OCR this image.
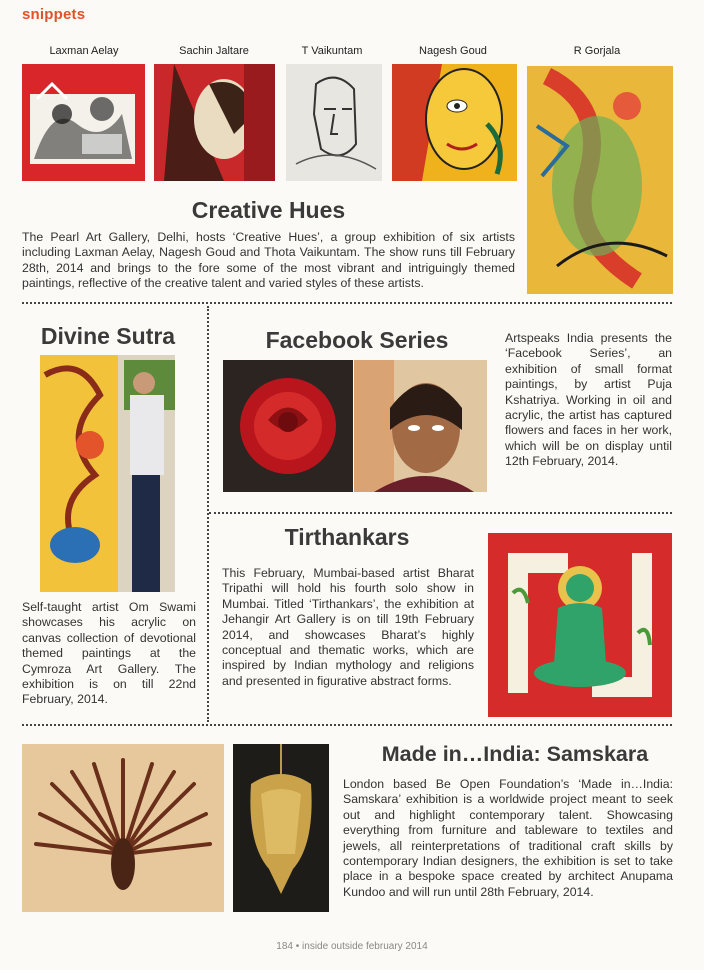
snippets
Laxman Aelay	Sachin Jaltare	T Vaikuntam	Nagesh Goud	R Gorjala
Creative Hues
The Pearl Art Gallery, Delhi, hosts ‘Creative Hues’, a group exhibition of six artists including Laxman Aelay, Nagesh Goud and Thota Vaikuntam. The show runs till February 28th, 2014 and brings to the fore some of the most vibrant and intriguingly themed paintings, reflective of the creative talent and varied styles of these artists.
Divine Sutra
Self-taught artist Om Swami showcases his acrylic on canvas collection of devotional themed paintings at the Cymroza Art Gallery. The exhibition is on till 22nd February, 2014.
Facebook Series	Artspeaks India presents the ‘Facebook Series’, an exhibition of small format paintings, by artist Puja Kshatriya. Working in oil and acrylic, the artist has captured flowers and faces in her work, which will be on display until 12th February, 2014.
Tirthankars
This February, Mumbai-based artist Bharat Tripathi will hold his fourth solo show in Mumbai. Titled ‘Tirthankars’, the exhibition at Jehangir Art Gallery is on till 19th February 2014, and showcases Bharat’s highly conceptual and thematic works, which are inspired by Indian mythology and religions and presented in figurative abstract forms.
Made in…India: Samskara
London based Be Open Foundation’s ‘Made in…India: Samskara’ exhibition is a worldwide project meant to seek out and highlight contemporary talent. Showcasing everything from furniture and tableware to textiles and jewels, all reinterpretations of traditional craft skills by contemporary Indian designers, the exhibition is set to take place in a bespoke space created by architect Anupama Kundoo and will run until 28th February, 2014.
184 • inside outside february 2014
